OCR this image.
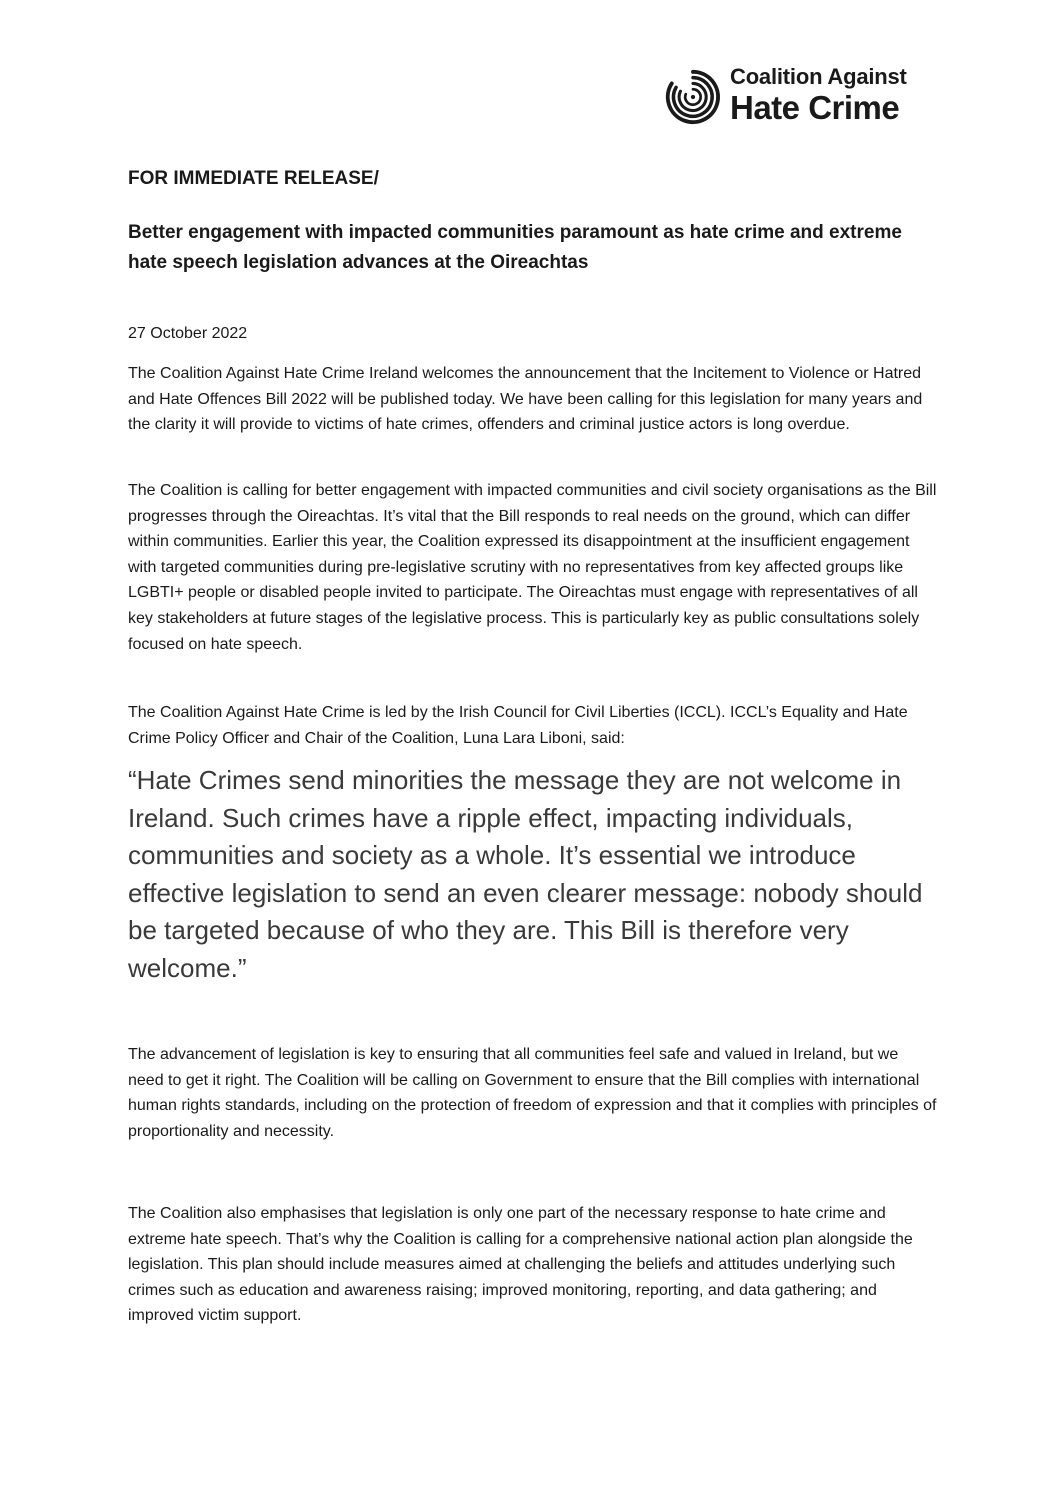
Coalition Against
Hate Crime
FOR IMMEDIATE RELEASE/
Better engagement with impacted communities paramount as hate crime and extreme hate speech legislation advances at the Oireachtas
27 October 2022

The Coalition Against Hate Crime Ireland welcomes the announcement that the Incitement to Violence or Hatred and Hate Offences Bill 2022 will be published today. We have been calling for this legislation for many years and the clarity it will provide to victims of hate crimes, offenders and criminal justice actors is long overdue.

The Coalition is calling for better engagement with impacted communities and civil society organisations as the Bill progresses through the Oireachtas. It’s vital that the Bill responds to real needs on the ground, which can differ within communities. Earlier this year, the Coalition expressed its disappointment at the insufficient engagement with targeted communities during pre-legislative scrutiny with no representatives from key affected groups like LGBTI+ people or disabled people invited to participate. The Oireachtas must engage with representatives of all key stakeholders at future stages of the legislative process. This is particularly key as public consultations solely focused on hate speech.

The Coalition Against Hate Crime is led by the Irish Council for Civil Liberties (ICCL). ICCL’s Equality and Hate Crime Policy Officer and Chair of the Coalition, Luna Lara Liboni, said:

“Hate Crimes send minorities the message they are not welcome in Ireland. Such crimes have a ripple effect, impacting individuals, communities and society as a whole. It’s essential we introduce effective legislation to send an even clearer message: nobody should be targeted because of who they are. This Bill is therefore very welcome.”

The advancement of legislation is key to ensuring that all communities feel safe and valued in Ireland, but we need to get it right. The Coalition will be calling on Government to ensure that the Bill complies with international human rights standards, including on the protection of freedom of expression and that it complies with principles of proportionality and necessity.

The Coalition also emphasises that legislation is only one part of the necessary response to hate crime and extreme hate speech. That’s why the Coalition is calling for a comprehensive national action plan alongside the legislation. This plan should include measures aimed at challenging the beliefs and attitudes underlying such crimes such as education and awareness raising; improved monitoring, reporting, and data gathering; and improved victim support.
